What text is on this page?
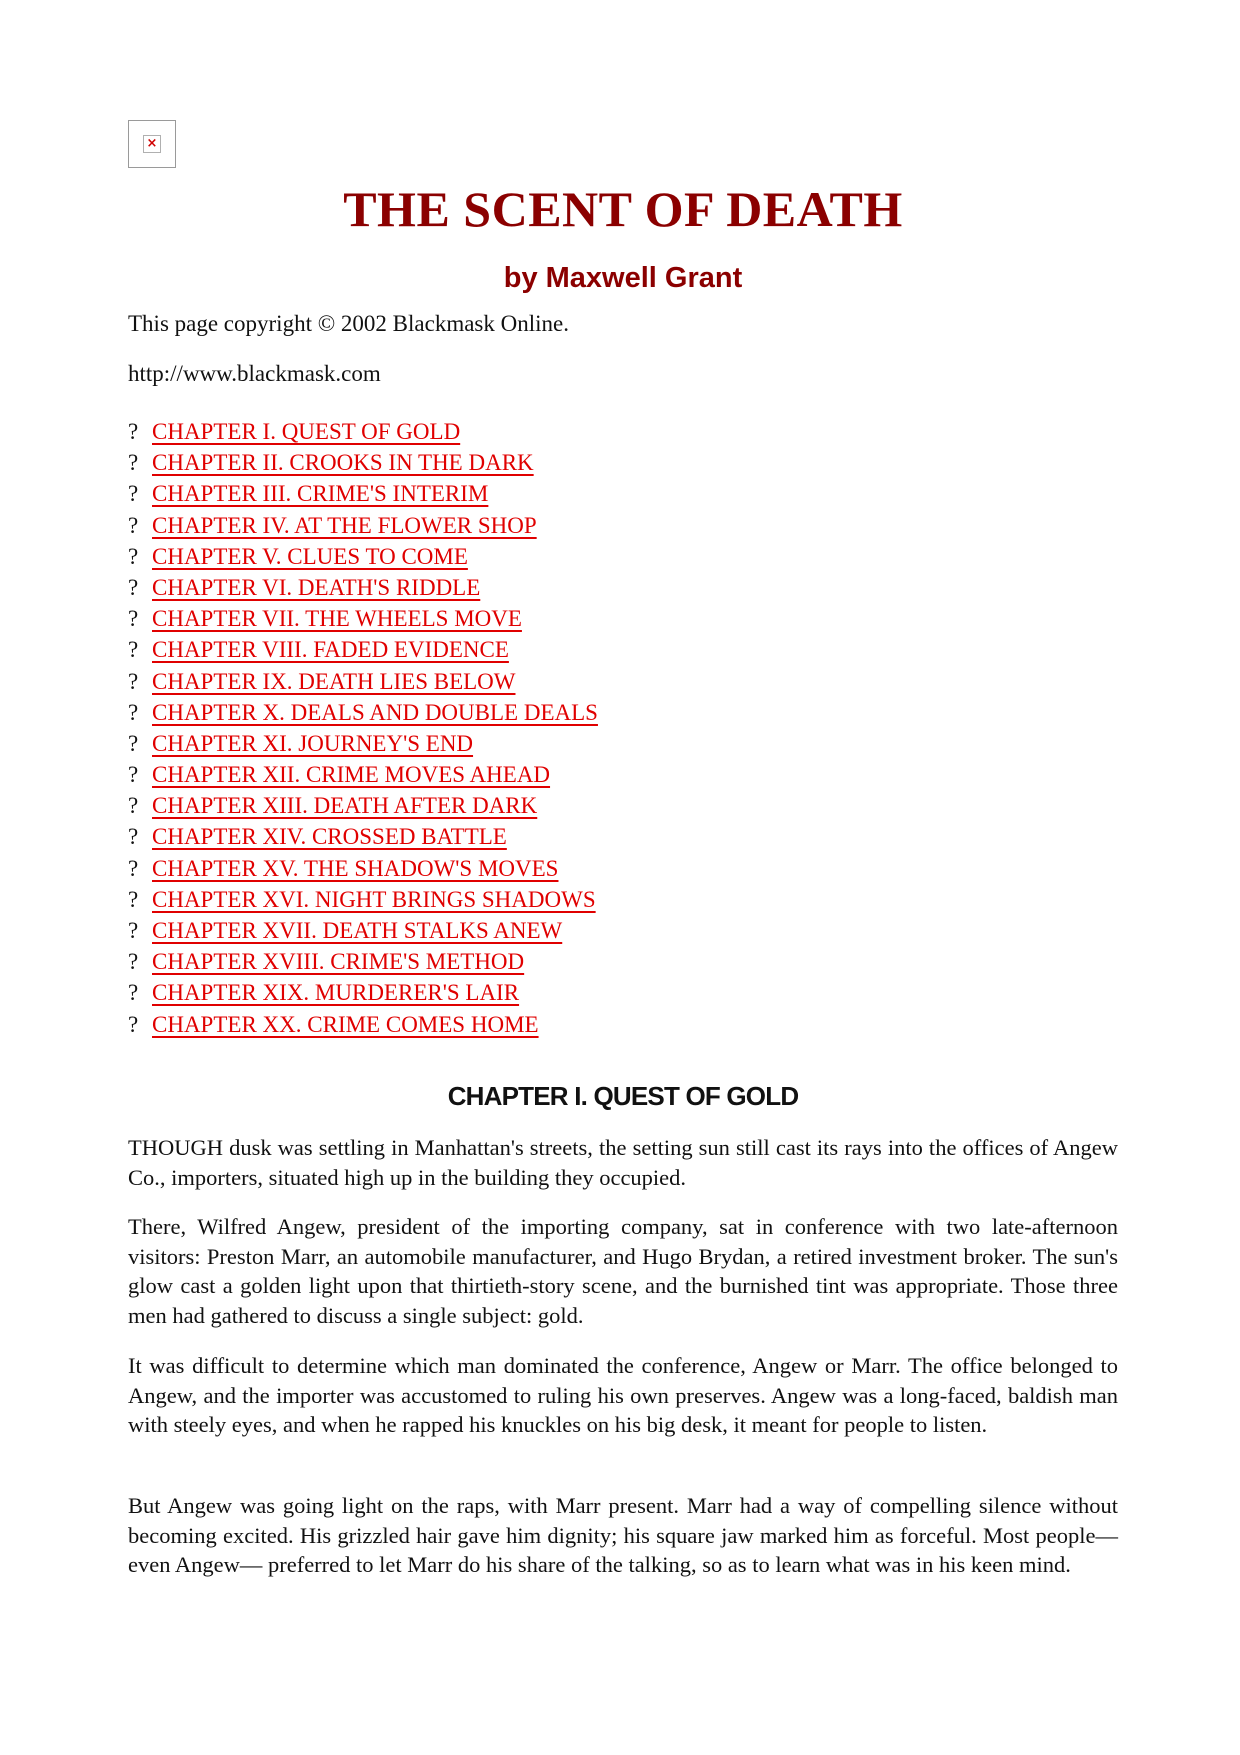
×
THE SCENT OF DEATH
by Maxwell Grant

This page copyright © 2002 Blackmask Online.

http://www.blackmask.com

? CHAPTER I. QUEST OF GOLD
? CHAPTER II. CROOKS IN THE DARK
? CHAPTER III. CRIME'S INTERIM
? CHAPTER IV. AT THE FLOWER SHOP
? CHAPTER V. CLUES TO COME
? CHAPTER VI. DEATH'S RIDDLE
? CHAPTER VII. THE WHEELS MOVE
? CHAPTER VIII. FADED EVIDENCE
? CHAPTER IX. DEATH LIES BELOW
? CHAPTER X. DEALS AND DOUBLE DEALS
? CHAPTER XI. JOURNEY'S END
? CHAPTER XII. CRIME MOVES AHEAD
? CHAPTER XIII. DEATH AFTER DARK
? CHAPTER XIV. CROSSED BATTLE
? CHAPTER XV. THE SHADOW'S MOVES
? CHAPTER XVI. NIGHT BRINGS SHADOWS
? CHAPTER XVII. DEATH STALKS ANEW
? CHAPTER XVIII. CRIME'S METHOD
? CHAPTER XIX. MURDERER'S LAIR
? CHAPTER XX. CRIME COMES HOME
CHAPTER I. QUEST OF GOLD

THOUGH dusk was settling in Manhattan's streets, the setting sun still cast its rays into the offices of Angew Co., importers, situated high up in the building they occupied.

There, Wilfred Angew, president of the importing company, sat in conference with two late-afternoon visitors: Preston Marr, an automobile manufacturer, and Hugo Brydan, a retired investment broker. The sun's glow cast a golden light upon that thirtieth-story scene, and the burnished tint was appropriate. Those three men had gathered to discuss a single subject: gold.

It was difficult to determine which man dominated the conference, Angew or Marr. The office belonged to Angew, and the importer was accustomed to ruling his own preserves. Angew was a long-faced, baldish man with steely eyes, and when he rapped his knuckles on his big desk, it meant for people to listen.

But Angew was going light on the raps, with Marr present. Marr had a way of compelling silence without becoming excited. His grizzled hair gave him dignity; his square jaw marked him as forceful. Most people—even Angew— preferred to let Marr do his share of the talking, so as to learn what was in his keen mind.
